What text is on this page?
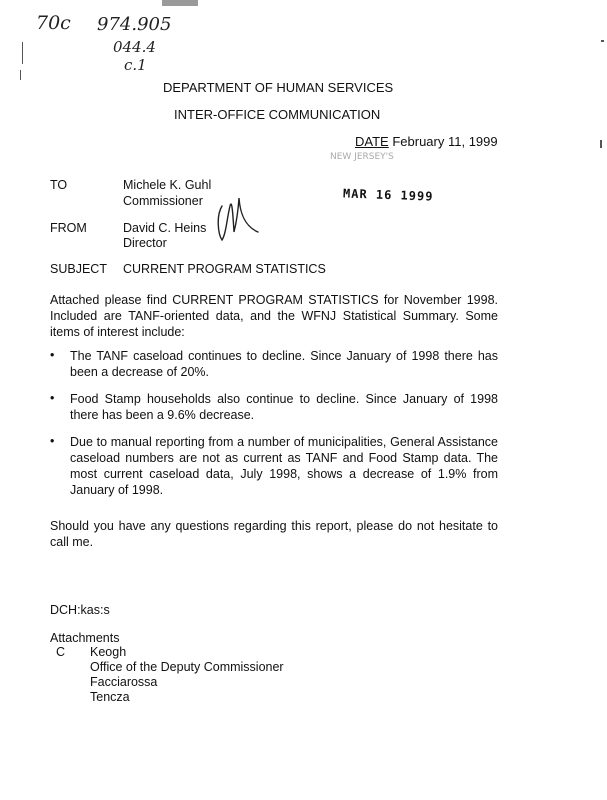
70c 974.905
044.4
c.1
DEPARTMENT OF HUMAN SERVICES
INTER-OFFICE COMMUNICATION
DATE February 11, 1999
NEW JERSEY'S
MAR 16 1999
TO	Michele K. Guhl
Commissioner
FROM	David C. Heins
Director
SUBJECT CURRENT PROGRAM STATISTICS
Attached please find CURRENT PROGRAM STATISTICS for November 1998. Included are TANF-oriented data, and the WFNJ Statistical Summary. Some items of interest include:
• The TANF caseload continues to decline. Since January of 1998 there has been a decrease of 20%.
• Food Stamp households also continue to decline. Since January of 1998 there has been a 9.6% decrease.
• Due to manual reporting from a number of municipalities, General Assistance caseload numbers are not as current as TANF and Food Stamp data. The most current caseload data, July 1998, shows a decrease of 1.9% from January of 1998.
Should you have any questions regarding this report, please do not hesitate to call me.
DCH:kas:s
Attachments
C Keogh
Office of the Deputy Commissioner
Facciarossa
Tencza
